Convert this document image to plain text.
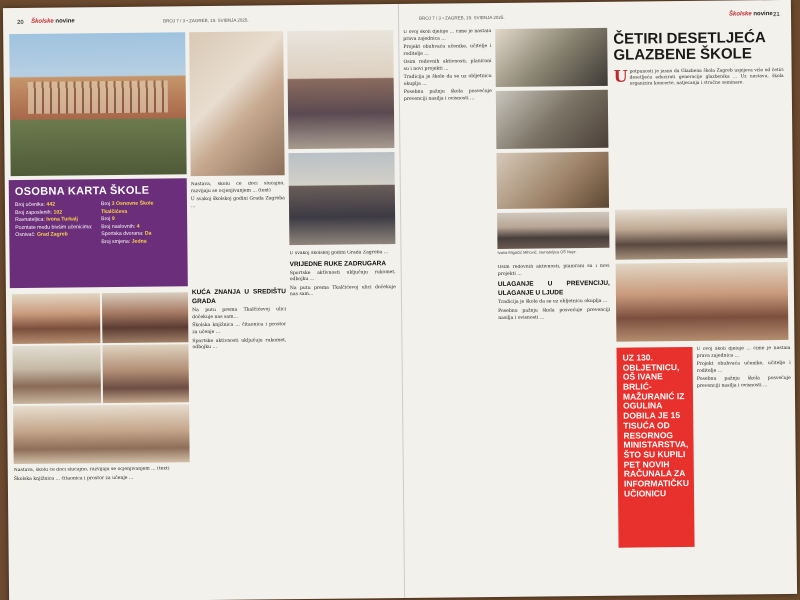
20 Školske novine	BROJ 7 / 3 • ZAGREB, 19. SVIBNJA 2025.
OSOBNA KARTA ŠKOLE
Broj učenika: 442
Broj zaposlenih: 102
Ravnateljica: Ivona Turkalj
Pozntate među bivšim učenicima:
Osnivač: Grad Zagreb
Broj 3 Osnovne Škole Tkalčićeva
Broj 9
Broj naslovnih: 4
Sportska dvorana: Da
Broj smjena: Jedna

Nastava, školu će doći slučajno, razvijaju se ocjenjivanjem ... (text)

U svakoj školskoj godini Grada Zagreba ...

KUĆA ZNANJA U SREDIŠTU GRADA

Na putu prema Tkalčićevoj ulici dočekuje nas sam...

Školska knjižnica ... čitaonica i prostor za učenje ...

Sportske aktivnosti uključuju rukomet, odbojku ...

U svakoj školskoj godini Grada Zagreba ...

VRIJEDNE RUKE ZADRUGARA

Sportske aktivnosti uključuju rukomet, odbojku ...

Na putu prema Tkalčićevoj ulici dočekuje nas sam...

Nastava, školu će doći slučajno, razvijaju se ocjenjivanjem ... (text)

Školska knjižnica ... čitaonica i prostor za učenje ...

BROJ 7 / 3 • ZAGREB, 19. SVIBNJA 2025.
Školske novine 21
Ivana Migačić Mihović, ravnateljica OŠ Nepr.
ČETIRI DESETLJEĆA GLAZBENE ŠKOLE
Upotpunosti je jasno da Glazbena škola Zagreb uspijeva više od četiri desetljeća educirati generacije glazbenika ... Uz nastavu, škola organizira koncerte, natjecanja i stručne seminare.

U ovoj školi djeluje ... čime je nastala prava zajednica ...

Projekt obuhvaća učenike, učitelje i roditelje ...

Osim redovnih aktivnosti, planirani su i novi projekti ...

Tradicija je škole da se uz obljetnicu okuplja ...

Posebnu pažnju škola posvećuje prevenciji nasilja i ovisnosti ...

Osim redovnih aktivnosti, planirani su i novi projekti ...

ULAGANJE U PREVENCIJU, ULAGANJE U LJUDE

Tradicija je škole da se uz obljetnicu okuplja ...

Posebnu pažnju škola posvećuje prevenciji nasilja i ovisnosti ...

UZ 130. OBLJETNICU, OŠ IVANE BRLIĆ-MAŽURANIĆ IZ OGULINA DOBILA JE 15 TISUĆA OD RESORNOG MINISTARSTVA, ŠTO SU KUPILI PET NOVIH RAČUNALA ZA INFORMATIČKU UČIONICU

U ovoj školi djeluje ... čime je nastala prava zajednica ...

Projekt obuhvaća učenike, učitelje i roditelje ...

Posebnu pažnju škola posvećuje prevenciji nasilja i ovisnosti ...
